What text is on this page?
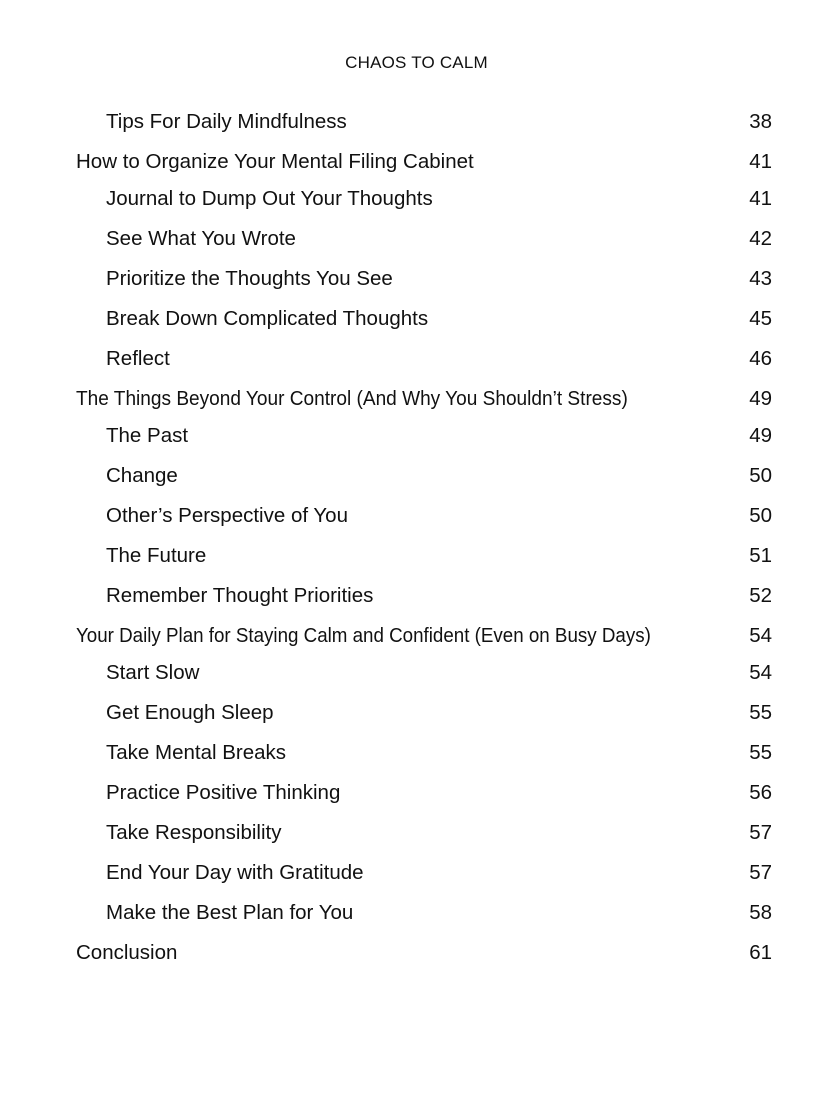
CHAOS TO CALM
Tips For Daily Mindfulness	38
How to Organize Your Mental Filing Cabinet	41
Journal to Dump Out Your Thoughts	41
See What You Wrote	42
Prioritize the Thoughts You See	43
Break Down Complicated Thoughts	45
Reflect	46
The Things Beyond Your Control (And Why You Shouldn’t Stress)	49
The Past	49
Change	50
Other’s Perspective of You	50
The Future	51
Remember Thought Priorities	52
Your Daily Plan for Staying Calm and Confident (Even on Busy Days)	54
Start Slow	54
Get Enough Sleep	55
Take Mental Breaks	55
Practice Positive Thinking	56
Take Responsibility	57
End Your Day with Gratitude	57
Make the Best Plan for You	58
Conclusion	61
